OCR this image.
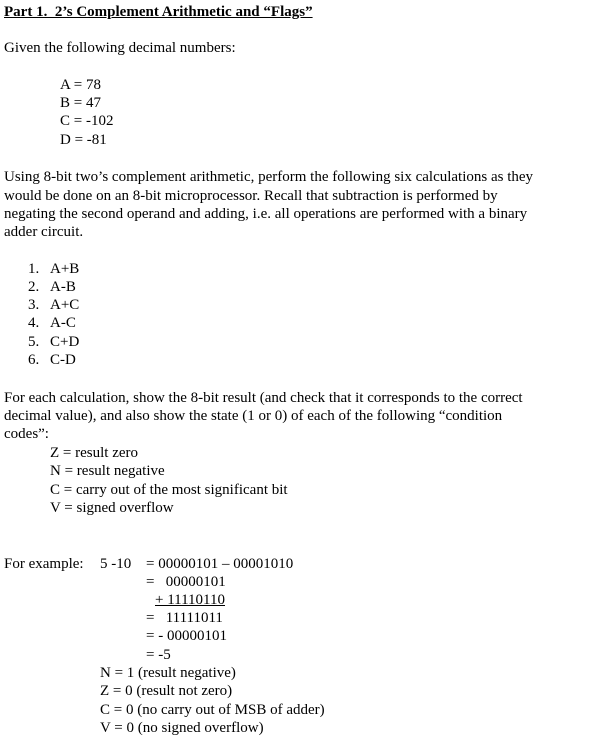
Part 1.  2’s Complement Arithmetic and “Flags”
Given the following decimal numbers:
A = 78
B = 47
C = -102
D = -81
Using 8-bit two’s complement arithmetic, perform the following six calculations as they
would be done on an 8-bit microprocessor. Recall that subtraction is performed by
negating the second operand and adding, i.e. all operations are performed with a binary
adder circuit.
1. A+B
2. A-B
3. A+C
4. A-C
5. C+D
6. C-D
For each calculation, show the 8-bit result (and check that it corresponds to the correct
decimal value), and also show the state (1 or 0) of each of the following “condition
codes”:
Z = result zero
N = result negative
C = carry out of the most significant bit
V = signed overflow
For example: 5 -10 = 00000101 – 00001010
=   00000101
+ 11110110
=   11111011
= - 00000101
= -5
N = 1 (result negative)
Z = 0 (result not zero)
C = 0 (no carry out of MSB of adder)
V = 0 (no signed overflow)
